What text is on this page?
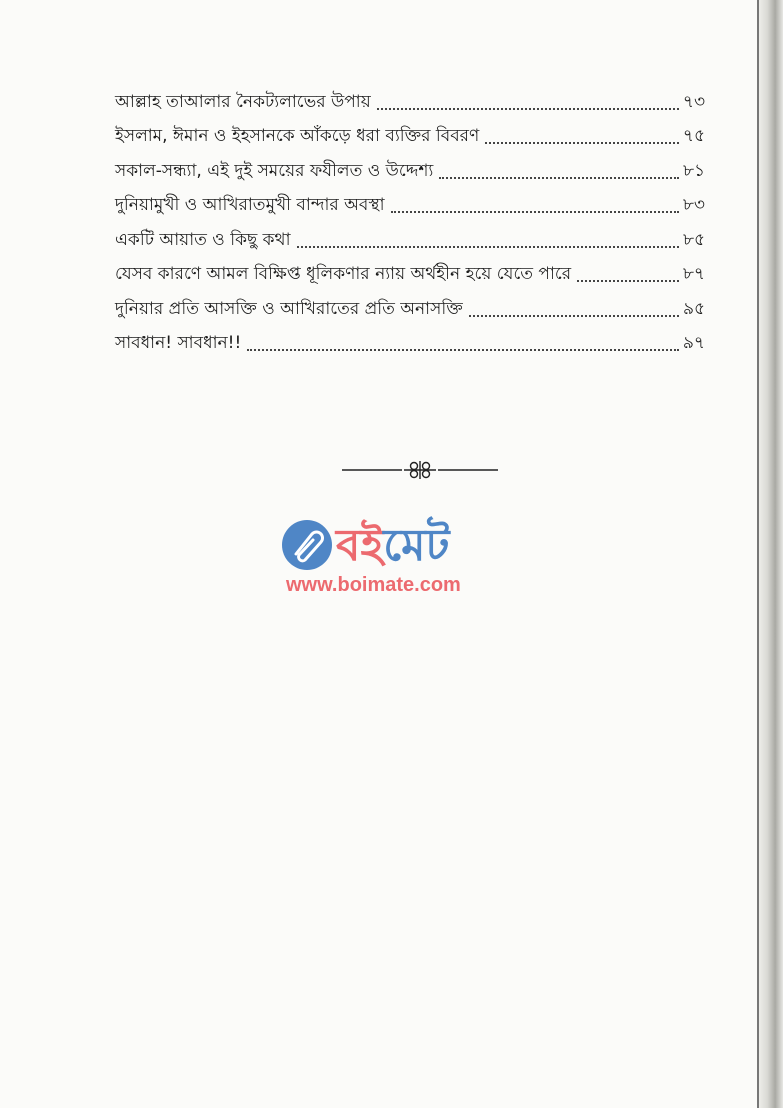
আল্লাহ তাআলার নৈকট্যলাভের উপায়	৭৩
ইসলাম, ঈমান ও ইহসানকে আঁকড়ে ধরা ব্যক্তির বিবরণ	৭৫
সকাল-সন্ধ্যা, এই দুই সময়ের ফযীলত ও উদ্দেশ্য	৮১
দুনিয়ামুখী ও আখিরাতমুখী বান্দার অবস্থা	৮৩
একটি আয়াত ও কিছু কথা	৮৫
যেসব কারণে আমল বিক্ষিপ্ত ধূলিকণার ন্যায় অর্থহীন হয়ে যেতে পারে	৮৭
দুনিয়ার প্রতি আসক্তি ও আখিরাতের প্রতি অনাসক্তি	৯৫
সাবধান! সাবধান!!	৯৭
বইমেট
www.boimate.com
